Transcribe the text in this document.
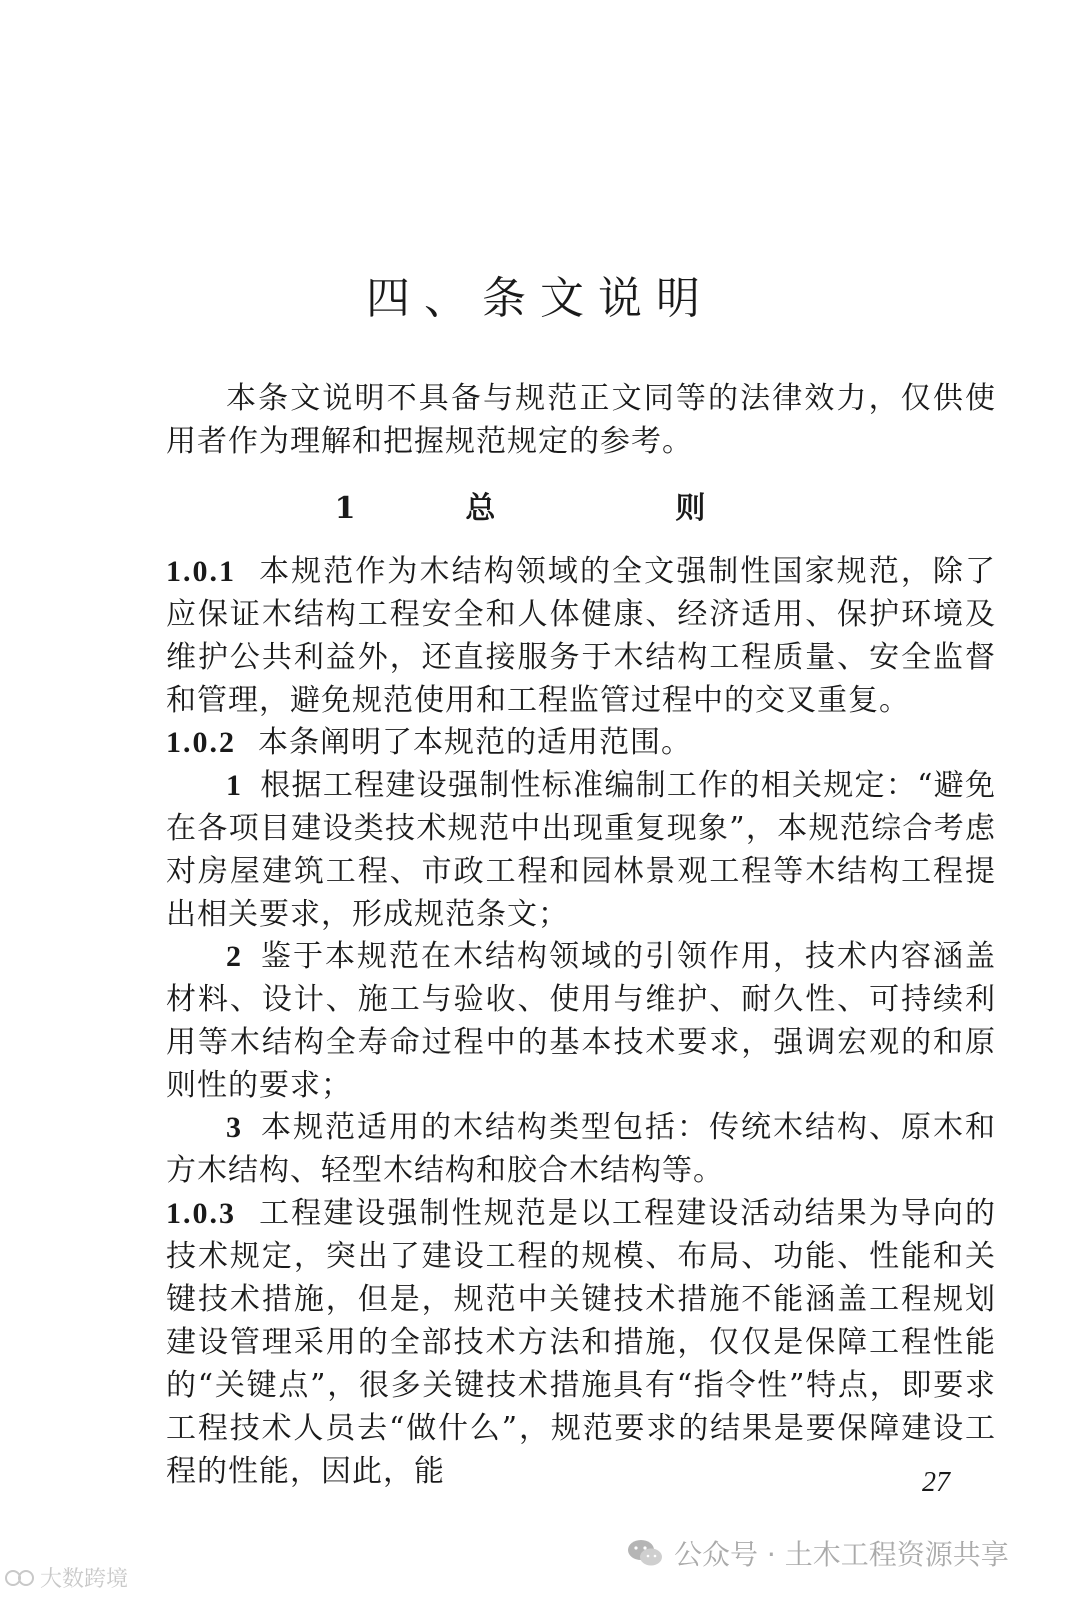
四、条文说明
本条文说明不具备与规范正文同等的法律效力，仅供使用者作为理解和把握规范规定的参考。
1　总　　则
1.0.1 本规范作为木结构领域的全文强制性国家规范，除了应保证木结构工程安全和人体健康、经济适用、保护环境及维护公共利益外，还直接服务于木结构工程质量、安全监督和管理，避免规范使用和工程监管过程中的交叉重复。
1.0.2 本条阐明了本规范的适用范围。
1 根据工程建设强制性标准编制工作的相关规定：“避免在各项目建设类技术规范中出现重复现象”，本规范综合考虑对房屋建筑工程、市政工程和园林景观工程等木结构工程提出相关要求，形成规范条文；
2 鉴于本规范在木结构领域的引领作用，技术内容涵盖材料、设计、施工与验收、使用与维护、耐久性、可持续利用等木结构全寿命过程中的基本技术要求，强调宏观的和原则性的要求；
3 本规范适用的木结构类型包括：传统木结构、原木和方木结构、轻型木结构和胶合木结构等。
1.0.3 工程建设强制性规范是以工程建设活动结果为导向的技术规定，突出了建设工程的规模、布局、功能、性能和关键技术措施，但是，规范中关键技术措施不能涵盖工程规划建设管理采用的全部技术方法和措施，仅仅是保障工程性能的“关键点”，很多关键技术措施具有“指令性”特点，即要求工程技术人员去“做什么”，规范要求的结果是要保障建设工程的性能，因此，能	27
大数跨境
公众号 · 土木工程资源共享
